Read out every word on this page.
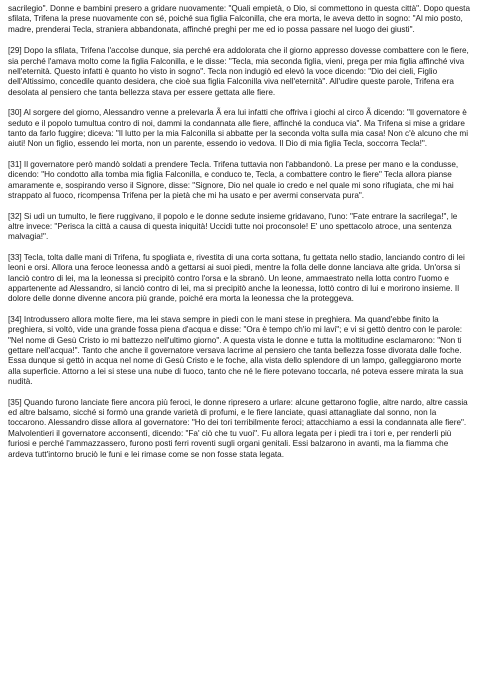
sacrilegio". Donne e bambini presero a gridare nuovamente: "Quali empietà, o Dio, si commettono in questa città". Dopo questa sfilata, Trifena la prese nuovamente con sé, poiché sua figlia Falconilla, che era morta, le aveva detto in sogno: "Al mio posto, madre, prenderai Tecla, straniera abbandonata, affinché preghi per me ed io possa passare nel luogo dei giusti".

[29] Dopo la sfilata, Trifena l'accolse dunque, sia perché era addolorata che il giorno appresso dovesse combattere con le fiere, sia perché l'amava molto come la figlia Falconilla, e le disse: "Tecla, mia seconda figlia, vieni, prega per mia figlia affinché viva nell'eternità. Questo infatti è quanto ho visto in sogno". Tecla non indugiò ed elevò la voce dicendo: "Dio dei cieli, Figlio dell'Altissimo, concedile quanto desidera, che cioè sua figlia Falconilla viva nell'eternità". All'udire queste parole, Trifena era desolata al pensiero che tanta bellezza stava per essere gettata alle fiere.

[30] Al sorgere del giorno, Alessandro venne a prelevarla Ã era lui infatti che offriva i giochi al circo Ã dicendo: "Il governatore è seduto e il popolo tumultua contro di noi, dammi la condannata alle fiere, affinché la conduca via". Ma Trifena si mise a gridare tanto da farlo fuggire; diceva: "Il lutto per la mia Falconilla si abbatte per la seconda volta sulla mia casa! Non c'è alcuno che mi aiuti! Non un figlio, essendo lei morta, non un parente, essendo io vedova. Il Dio di mia figlia Tecla, soccorra Tecla!".

[31] Il governatore però mandò soldati a prendere Tecla. Trifena tuttavia non l'abbandonò. La prese per mano e la condusse, dicendo: "Ho condotto alla tomba mia figlia Falconilla, e conduco te, Tecla, a combattere contro le fiere" Tecla allora pianse amaramente e, sospirando verso il Signore, disse: "Signore, Dio nel quale io credo e nel quale mi sono rifugiata, che mi hai strappato al fuoco, ricompensa Trifena per la pietà che mi ha usato e per avermi conservata pura".

[32] Si udì un tumulto, le fiere ruggivano, il popolo e le donne sedute insieme gridavano, l'uno: "Fate entrare la sacrilega!", le altre invece: "Perisca la città a causa di questa iniquità! Uccidi tutte noi proconsole! E' uno spettacolo atroce, una sentenza malvagia!".

[33] Tecla, tolta dalle mani di Trifena, fu spogliata e, rivestita di una corta sottana, fu gettata nello stadio, lanciando contro di lei leoni e orsi. Allora una feroce leonessa andò a gettarsi ai suoi piedi, mentre la folla delle donne lanciava alte grida. Un'orsa si lanciò contro di lei, ma la leonessa si precipitò contro l'orsa e la sbranò. Un leone, ammaestrato nella lotta contro l'uomo e appartenente ad Alessandro, si lanciò contro di lei, ma si precipitò anche la leonessa, lottò contro di lui e morirono insieme. Il dolore delle donne divenne ancora più grande, poiché era morta la leonessa che la proteggeva.

[34] Introdussero allora molte fiere, ma lei stava sempre in piedi con le mani stese in preghiera. Ma quand'ebbe finito la preghiera, si voltò, vide una grande fossa piena d'acqua e disse: "Ora è tempo ch'io mi lavi"; e vi si gettò dentro con le parole: "Nel nome di Gesù Cristo io mi battezzo nell'ultimo giorno". A questa vista le donne e tutta la moltitudine esclamarono: "Non ti gettare nell'acqua!". Tanto che anche il governatore versava lacrime al pensiero che tanta bellezza fosse divorata dalle foche. Essa dunque si gettò in acqua nel nome di Gesù Cristo e le foche, alla vista dello splendore di un lampo, galleggiarono morte alla superficie. Attorno a lei si stese una nube di fuoco, tanto che né le fiere potevano toccarla, né poteva essere mirata la sua nudità.

[35] Quando furono lanciate fiere ancora più feroci, le donne ripresero a urlare: alcune gettarono foglie, altre nardo, altre cassia ed altre balsamo, sicché si formò una grande varietà di profumi, e le fiere lanciate, quasi attanagliate dal sonno, non la toccarono. Alessandro disse allora al governatore: "Ho dei tori terribilmente feroci; attacchiamo a essi la condannata alle fiere". Malvolentieri il governatore acconsentì, dicendo: "Fa' ciò che tu vuoi". Fu allora legata per i piedi tra i tori e, per renderli più furiosi e perché l'ammazzassero, furono posti ferri roventi sugli organi genitali. Essi balzarono in avanti, ma la fiamma che ardeva tutt'intorno bruciò le funi e lei rimase come se non fosse stata legata.
